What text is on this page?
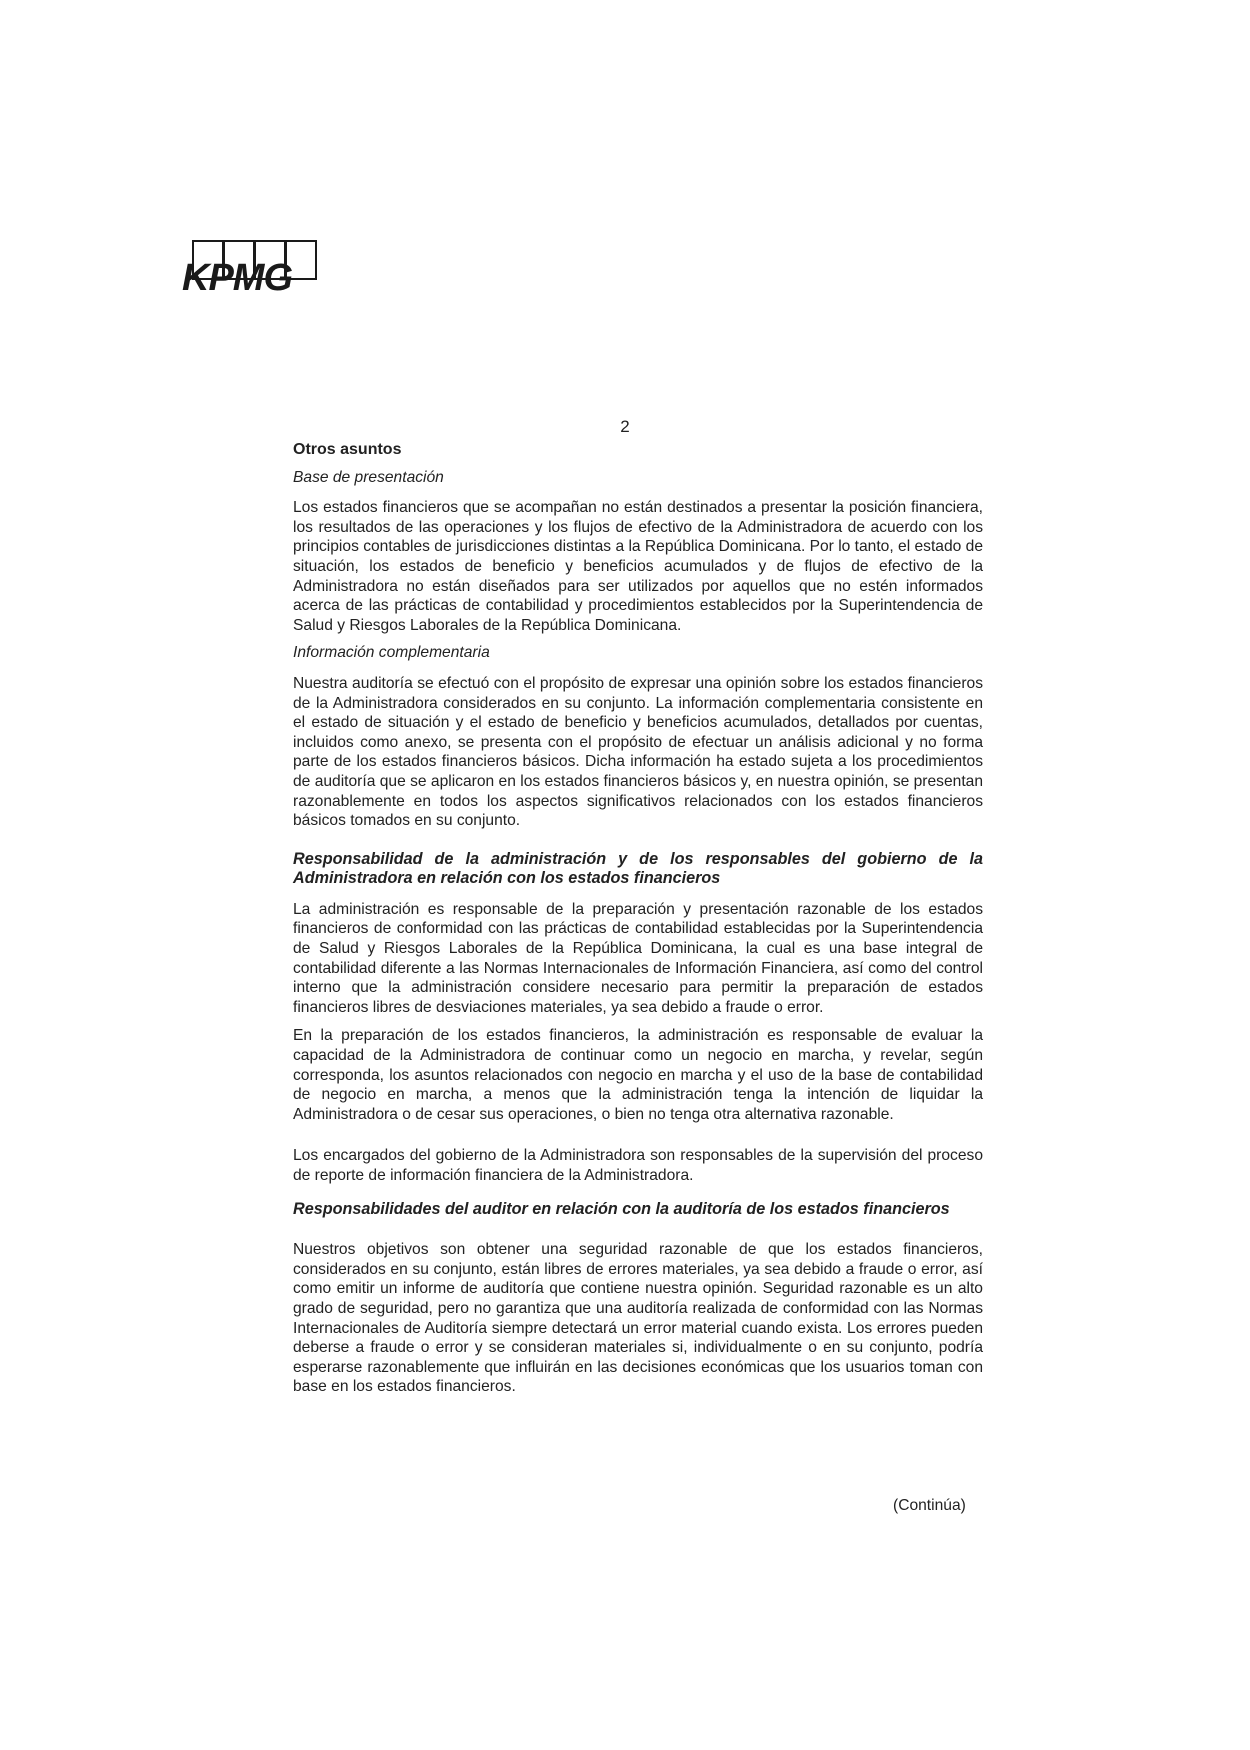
KPMG
2

Otros asuntos

Base de presentación

Los estados financieros que se acompañan no están destinados a presentar la posición financiera, los resultados de las operaciones y los flujos de efectivo de la Administradora de acuerdo con los principios contables de jurisdicciones distintas a la República Dominicana. Por lo tanto, el estado de situación, los estados de beneficio y beneficios acumulados y de flujos de efectivo de la Administradora no están diseñados para ser utilizados por aquellos que no estén informados acerca de las prácticas de contabilidad y procedimientos establecidos por la Superintendencia de Salud y Riesgos Laborales de la República Dominicana.

Información complementaria

Nuestra auditoría se efectuó con el propósito de expresar una opinión sobre los estados financieros de la Administradora considerados en su conjunto. La información complementaria consistente en el estado de situación y el estado de beneficio y beneficios acumulados, detallados por cuentas, incluidos como anexo, se presenta con el propósito de efectuar un análisis adicional y no forma parte de los estados financieros básicos. Dicha información ha estado sujeta a los procedimientos de auditoría que se aplicaron en los estados financieros básicos y, en nuestra opinión, se presentan razonablemente en todos los aspectos significativos relacionados con los estados financieros básicos tomados en su conjunto.

Responsabilidad de la administración y de los responsables del gobierno de la Administradora en relación con los estados financieros

La administración es responsable de la preparación y presentación razonable de los estados financieros de conformidad con las prácticas de contabilidad establecidas por la Superintendencia de Salud y Riesgos Laborales de la República Dominicana, la cual es una base integral de contabilidad diferente a las Normas Internacionales de Información Financiera, así como del control interno que la administración considere necesario para permitir la preparación de estados financieros libres de desviaciones materiales, ya sea debido a fraude o error.

En la preparación de los estados financieros, la administración es responsable de evaluar la capacidad de la Administradora de continuar como un negocio en marcha, y revelar, según corresponda, los asuntos relacionados con negocio en marcha y el uso de la base de contabilidad de negocio en marcha, a menos que la administración tenga la intención de liquidar la Administradora o de cesar sus operaciones, o bien no tenga otra alternativa razonable.

Los encargados del gobierno de la Administradora son responsables de la supervisión del proceso de reporte de información financiera de la Administradora.

Responsabilidades del auditor en relación con la auditoría de los estados financieros

Nuestros objetivos son obtener una seguridad razonable de que los estados financieros, considerados en su conjunto, están libres de errores materiales, ya sea debido a fraude o error, así como emitir un informe de auditoría que contiene nuestra opinión. Seguridad razonable es un alto grado de seguridad, pero no garantiza que una auditoría realizada de conformidad con las Normas Internacionales de Auditoría siempre detectará un error material cuando exista. Los errores pueden deberse a fraude o error y se consideran materiales si, individualmente o en su conjunto, podría esperarse razonablemente que influirán en las decisiones económicas que los usuarios toman con base en los estados financieros.

(Continúa)
